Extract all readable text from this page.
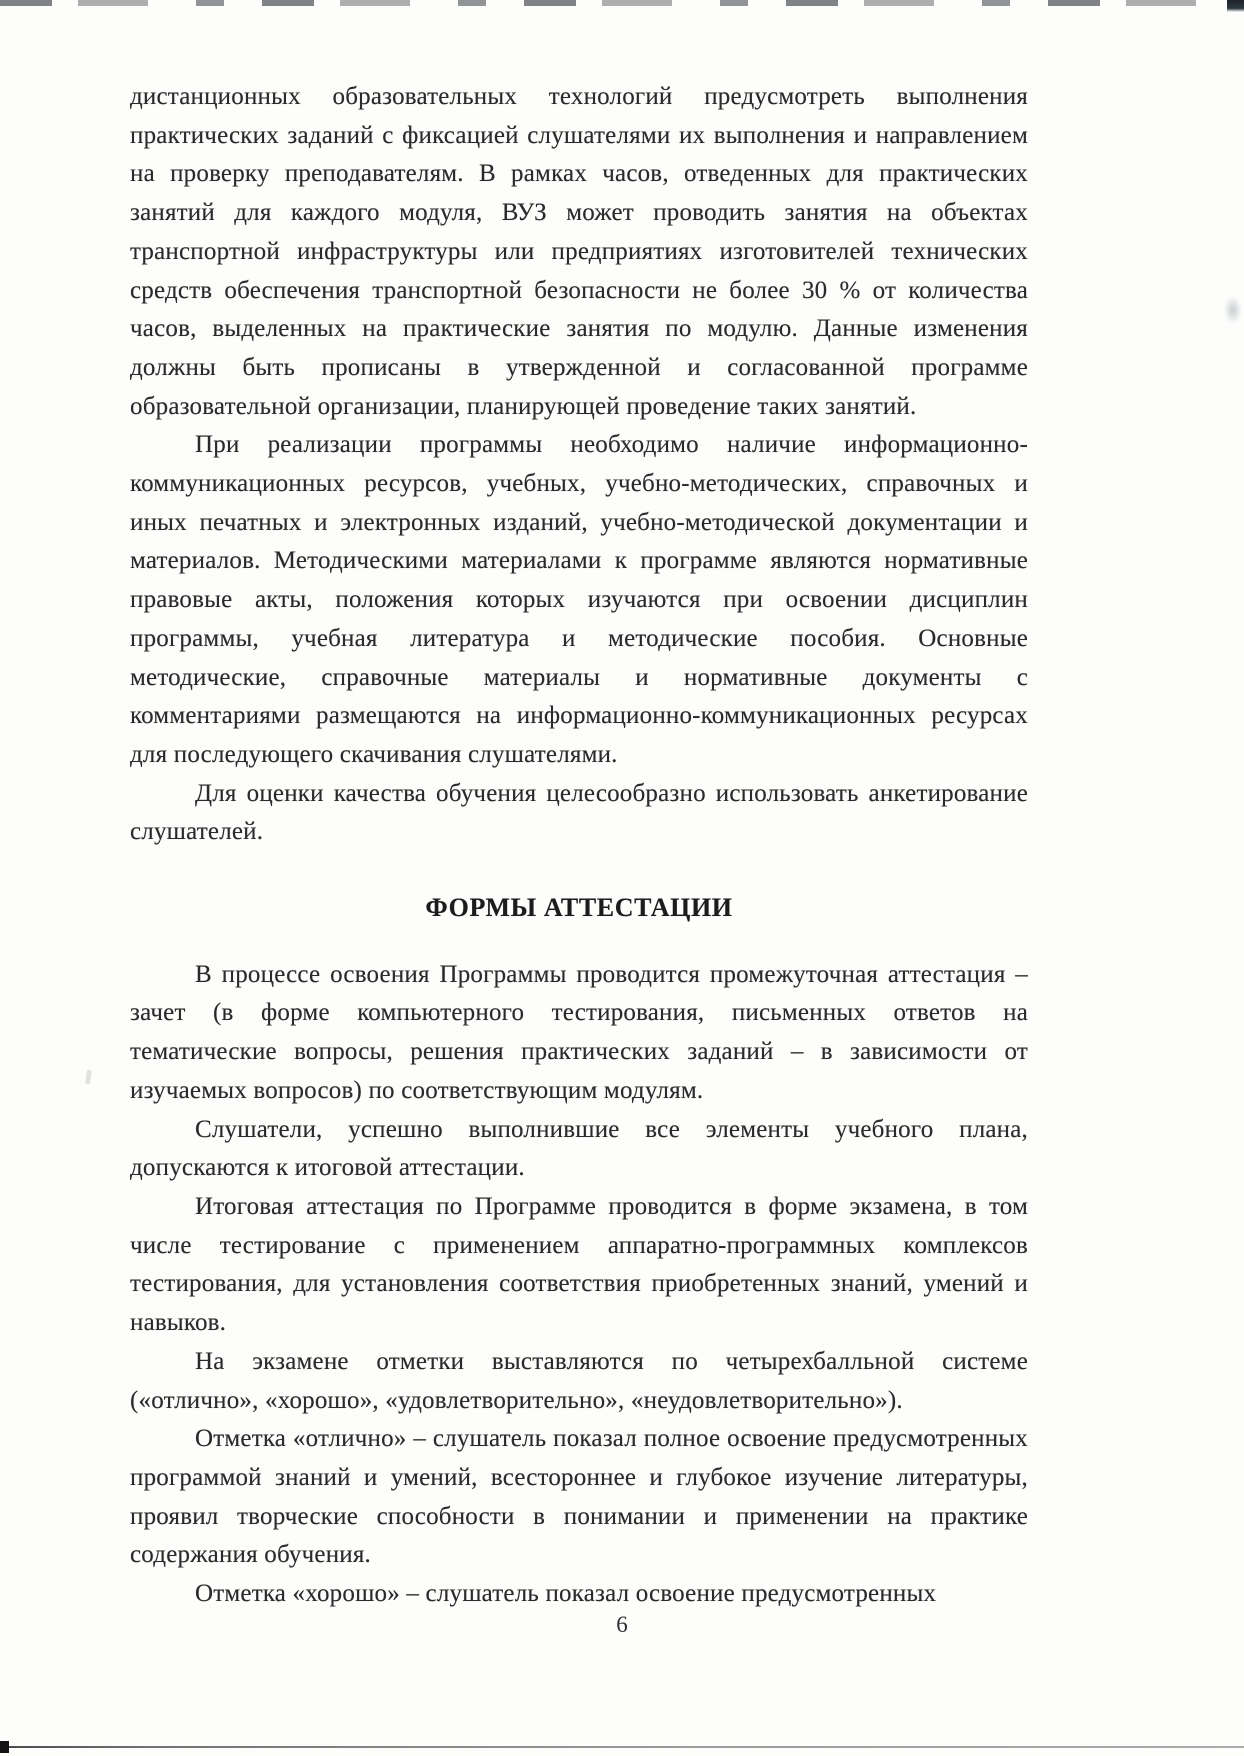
дистанционных образовательных технологий предусмотреть выполнения практических заданий с фиксацией слушателями их выполнения и направлением на проверку преподавателям. В рамках часов, отведенных для практических занятий для каждого модуля, ВУЗ может проводить занятия на объектах транспортной инфраструктуры или предприятиях изготовителей технических средств обеспечения транспортной безопасности не более 30 % от количества часов, выделенных на практические занятия по модулю. Данные изменения должны быть прописаны в утвержденной и согласованной программе образовательной организации, планирующей проведение таких занятий.

При реализации программы необходимо наличие информационно-коммуникационных ресурсов, учебных, учебно-методических, справочных и иных печатных и электронных изданий, учебно-методической документации и материалов. Методическими материалами к программе являются нормативные правовые акты, положения которых изучаются при освоении дисциплин программы, учебная литература и методические пособия. Основные методические, справочные материалы и нормативные документы с комментариями размещаются на информационно-коммуникационных ресурсах для последующего скачивания слушателями.

Для оценки качества обучения целесообразно использовать анкетирование слушателей.

ФОРМЫ АТТЕСТАЦИИ

В процессе освоения Программы проводится промежуточная аттестация – зачет (в форме компьютерного тестирования, письменных ответов на тематические вопросы, решения практических заданий – в зависимости от изучаемых вопросов) по соответствующим модулям.

Слушатели, успешно выполнившие все элементы учебного плана, допускаются к итоговой аттестации.

Итоговая аттестация по Программе проводится в форме экзамена, в том числе тестирование с применением аппаратно-программных комплексов тестирования, для установления соответствия приобретенных знаний, умений и навыков.

На экзамене отметки выставляются по четырехбалльной системе («отлично», «хорошо», «удовлетворительно», «неудовлетворительно»).

Отметка «отлично» – слушатель показал полное освоение предусмотренных программой знаний и умений, всестороннее и глубокое изучение литературы, проявил творческие способности в понимании и применении на практике содержания обучения.

Отметка «хорошо» – слушатель показал освоение предусмотренных

6
